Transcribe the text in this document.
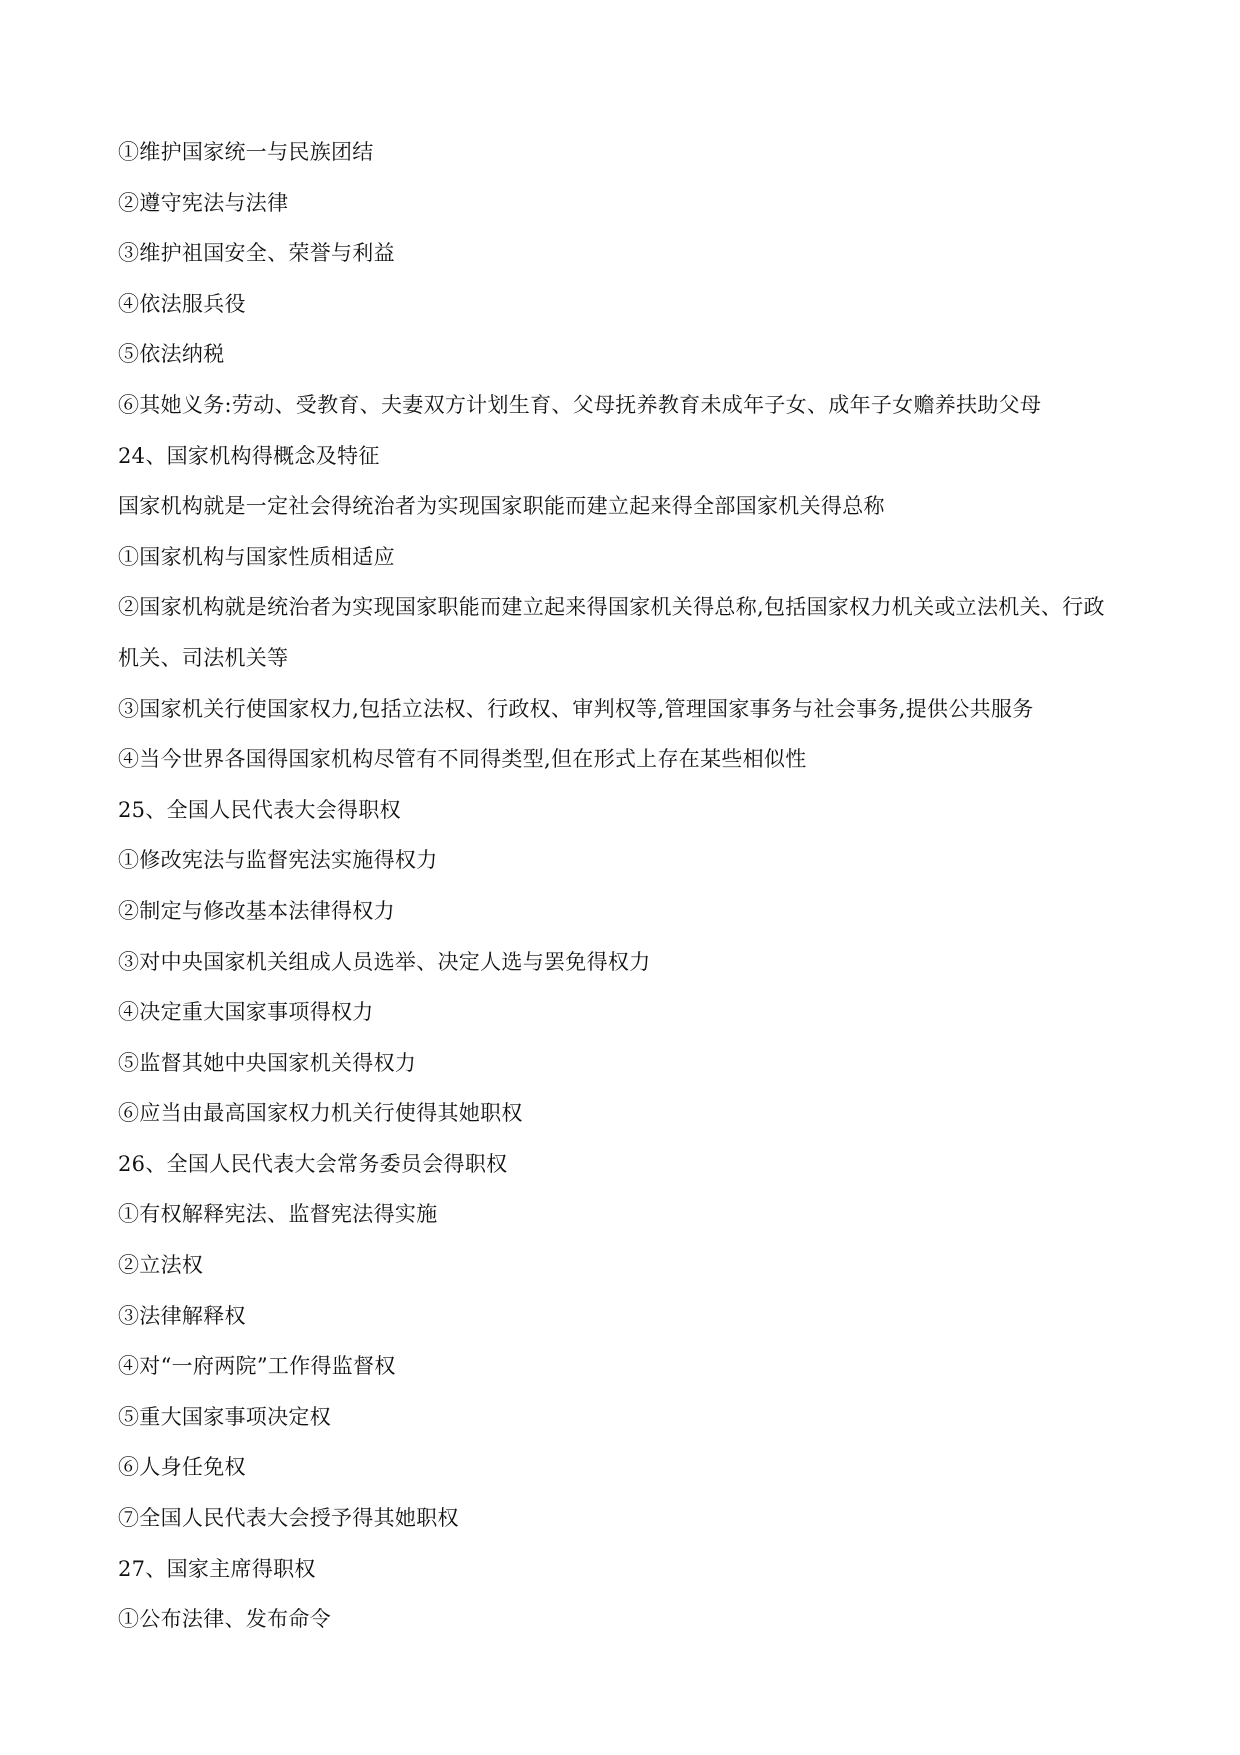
①维护国家统一与民族团结
②遵守宪法与法律
③维护祖国安全、荣誉与利益
④依法服兵役
⑤依法纳税
⑥其她义务:劳动、受教育、夫妻双方计划生育、父母抚养教育未成年子女、成年子女赡养扶助父母
24、国家机构得概念及特征
国家机构就是一定社会得统治者为实现国家职能而建立起来得全部国家机关得总称
①国家机构与国家性质相适应
②国家机构就是统治者为实现国家职能而建立起来得国家机关得总称,包括国家权力机关或立法机关、行政
机关、司法机关等
③国家机关行使国家权力,包括立法权、行政权、审判权等,管理国家事务与社会事务,提供公共服务
④当今世界各国得国家机构尽管有不同得类型,但在形式上存在某些相似性
25、全国人民代表大会得职权
①修改宪法与监督宪法实施得权力
②制定与修改基本法律得权力
③对中央国家机关组成人员选举、决定人选与罢免得权力
④决定重大国家事项得权力
⑤监督其她中央国家机关得权力
⑥应当由最高国家权力机关行使得其她职权
26、全国人民代表大会常务委员会得职权
①有权解释宪法、监督宪法得实施
②立法权
③法律解释权
④对“一府两院”工作得监督权
⑤重大国家事项决定权
⑥人身任免权
⑦全国人民代表大会授予得其她职权
27、国家主席得职权
①公布法律、发布命令
